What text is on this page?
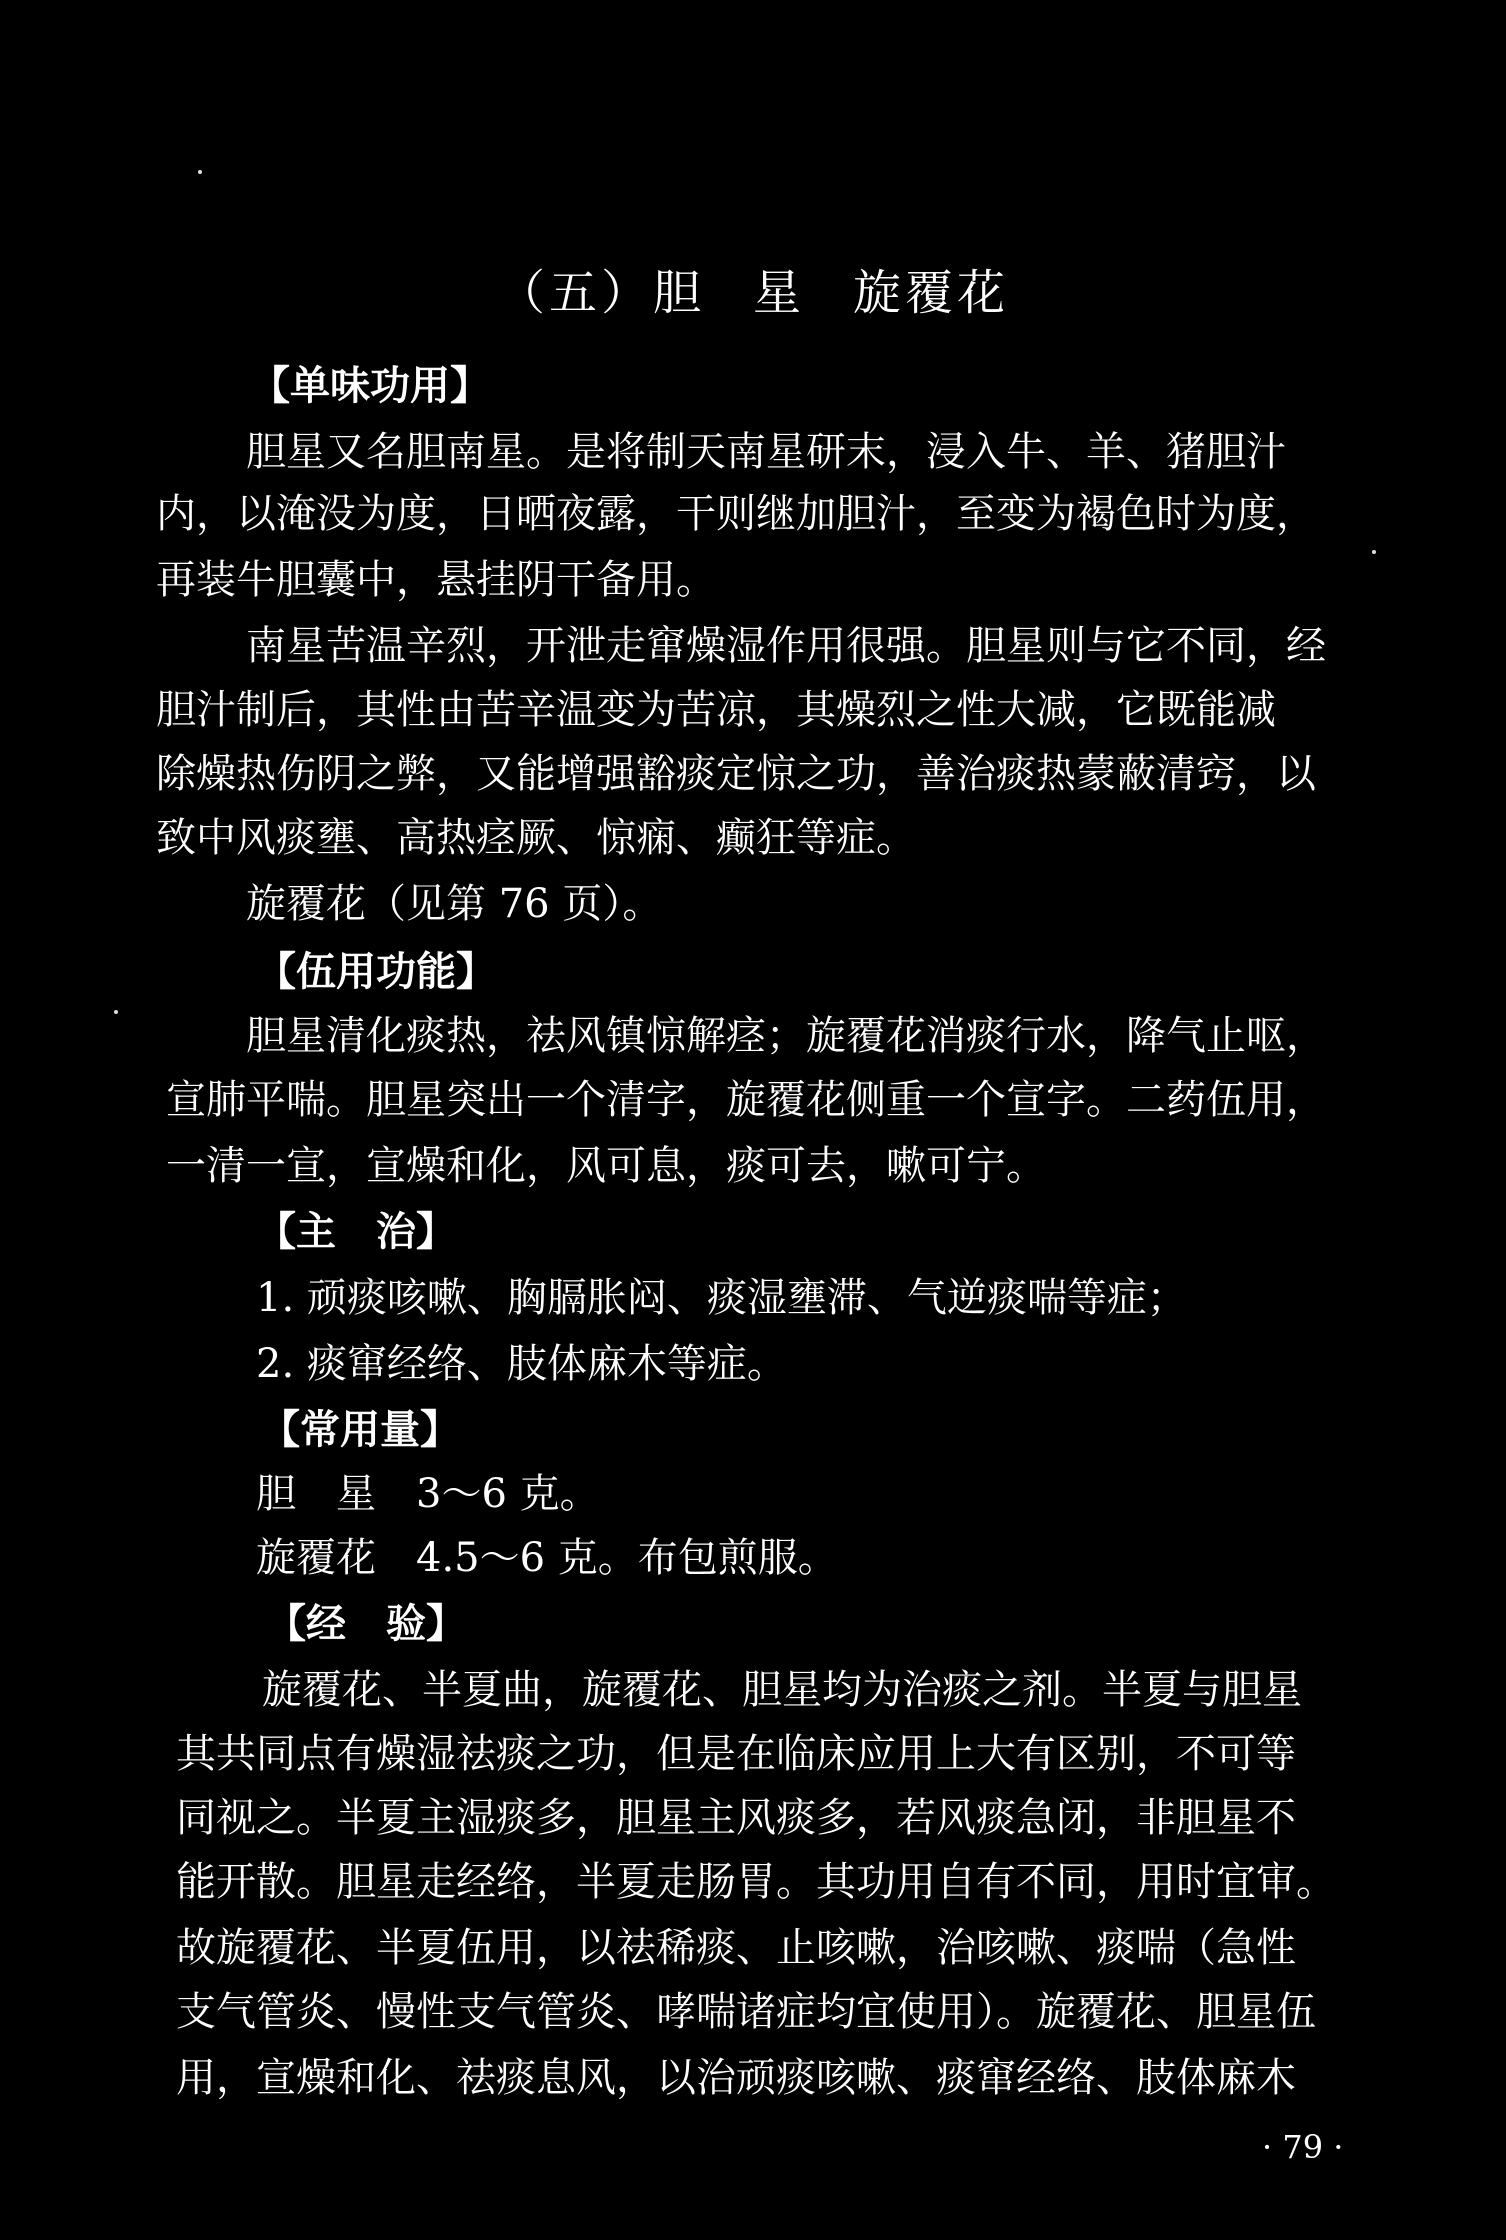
（五）胆 星 旋覆花
【单味功用】
胆星又名胆南星。是将制天南星研末，浸入牛、羊、猪胆汁
内，以淹没为度，日晒夜露，干则继加胆汁，至变为褐色时为度，
再装牛胆囊中，悬挂阴干备用。
南星苦温辛烈，开泄走窜燥湿作用很强。胆星则与它不同，经
胆汁制后，其性由苦辛温变为苦凉，其燥烈之性大减，它既能减
除燥热伤阴之弊，又能增强豁痰定惊之功，善治痰热蒙蔽清窍，以
致中风痰壅、高热痉厥、惊痫、癫狂等症。
旋覆花（见第 76 页）。
【伍用功能】
胆星清化痰热，祛风镇惊解痉；旋覆花消痰行水，降气止呕，
宣肺平喘。胆星突出一个清字，旋覆花侧重一个宣字。二药伍用，
一清一宣，宣燥和化，风可息，痰可去，嗽可宁。
【主　治】
1. 顽痰咳嗽、胸膈胀闷、痰湿壅滞、气逆痰喘等症；
2. 痰窜经络、肢体麻木等症。
【常用量】
胆　星　3～6 克。
旋覆花　4.5～6 克。布包煎服。
【经　验】
旋覆花、半夏曲，旋覆花、胆星均为治痰之剂。半夏与胆星
其共同点有燥湿祛痰之功，但是在临床应用上大有区别，不可等
同视之。半夏主湿痰多，胆星主风痰多，若风痰急闭，非胆星不
能开散。胆星走经络，半夏走肠胃。其功用自有不同，用时宜审。
故旋覆花、半夏伍用，以祛稀痰、止咳嗽，治咳嗽、痰喘（急性
支气管炎、慢性支气管炎、哮喘诸症均宜使用）。旋覆花、胆星伍
用，宣燥和化、祛痰息风，以治顽痰咳嗽、痰窜经络、肢体麻木
· 79 ·
